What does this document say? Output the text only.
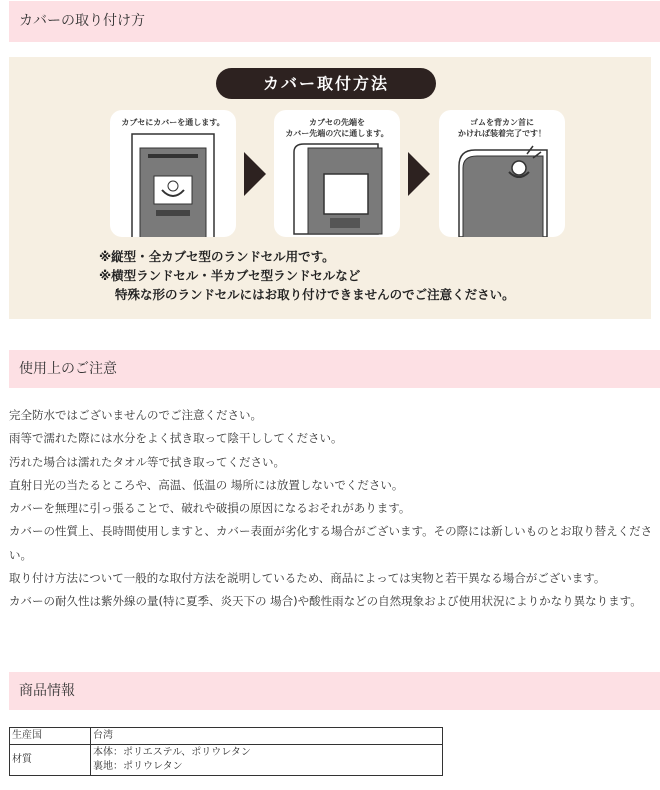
カバーの取り付け方
カバー取付方法
カブセにカバーを通します。	カブセの先端を
カバー先端の穴に通します。
ゴムを背カン首に
かければ装着完了です！
※縦型・全カブセ型のランドセル用です。
※横型ランドセル・半カブセ型ランドセルなど
特殊な形のランドセルにはお取り付けできませんのでご注意ください。
使用上のご注意
完全防水ではございませんのでご注意ください。
雨等で濡れた際には水分をよく拭き取って陰干ししてください。
汚れた場合は濡れたタオル等で拭き取ってください。
直射日光の当たるところや、高温、低温の 場所には放置しないでください。
カバーを無理に引っ張ることで、破れや破損の原因になるおそれがあります。
カバーの性質上、長時間使用しますと、カバー表面が劣化する場合がございます。その際には新しいものとお取り替えください。
取り付け方法について一般的な取付方法を説明しているため、商品によっては実物と若干異なる場合がございます。
カバーの耐久性は紫外線の量(特に夏季、炎天下の 場合)や酸性雨などの自然現象および使用状況によりかなり異なります。
商品情報
生産国	台湾

材質	本体：ポリエステル、ポリウレタン
裏地：ポリウレタン
